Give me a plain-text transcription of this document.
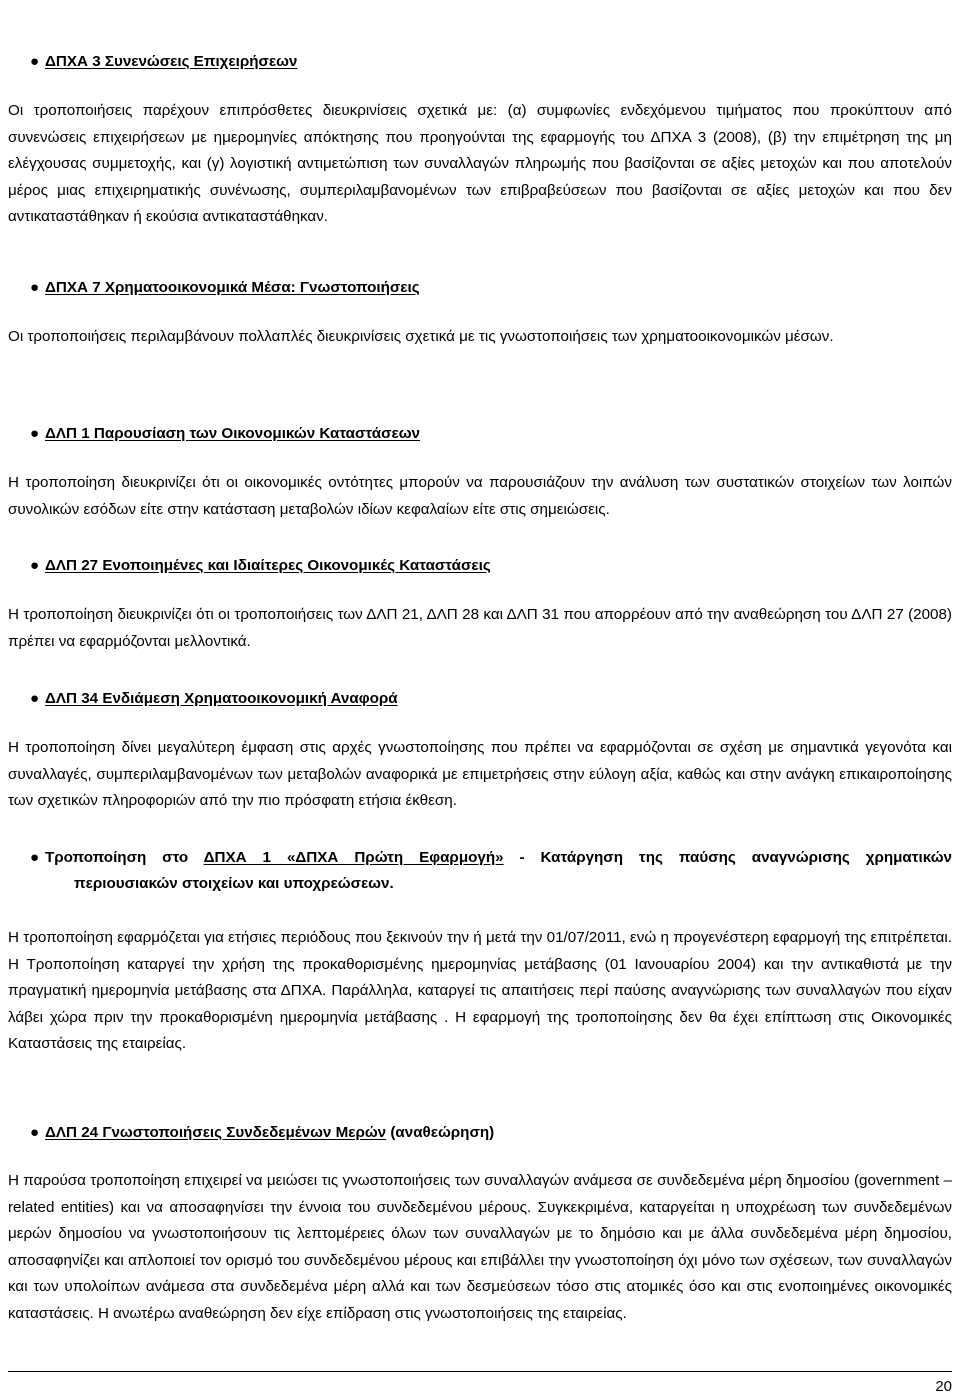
● ΔΠΧΑ 3 Συνενώσεις Επιχειρήσεων
Οι τροποποιήσεις παρέχουν επιπρόσθετες διευκρινίσεις σχετικά με: (α) συμφωνίες ενδεχόμενου τιμήματος που προκύπτουν από συνενώσεις επιχειρήσεων με ημερομηνίες απόκτησης που προηγούνται της εφαρμογής του ΔΠΧΑ 3 (2008), (β) την επιμέτρηση της μη ελέγχουσας συμμετοχής, και (γ) λογιστική αντιμετώπιση των συναλλαγών πληρωμής που βασίζονται σε αξίες μετοχών και που αποτελούν μέρος μιας επιχειρηματικής συνένωσης, συμπεριλαμβανομένων των επιβραβεύσεων που βασίζονται σε αξίες μετοχών και που δεν αντικαταστάθηκαν ή εκούσια αντικαταστάθηκαν.
● ΔΠΧΑ 7 Χρηματοοικονομικά Μέσα: Γνωστοποιήσεις
Οι τροποποιήσεις περιλαμβάνουν πολλαπλές διευκρινίσεις σχετικά με τις γνωστοποιήσεις των χρηματοοικονομικών μέσων.
● ΔΛΠ 1 Παρουσίαση των Οικονομικών Καταστάσεων
Η τροποποίηση διευκρινίζει ότι οι οικονομικές οντότητες μπορούν να παρουσιάζουν την ανάλυση των συστατικών στοιχείων των λοιπών συνολικών εσόδων είτε στην κατάσταση μεταβολών ιδίων κεφαλαίων είτε στις σημειώσεις.
● ΔΛΠ 27 Ενοποιημένες και Ιδιαίτερες Οικονομικές Καταστάσεις
Η τροποποίηση διευκρινίζει ότι οι τροποποιήσεις των ΔΛΠ 21, ΔΛΠ 28 και ΔΛΠ 31 που απορρέουν από την αναθεώρηση του ΔΛΠ 27 (2008) πρέπει να εφαρμόζονται μελλοντικά.
● ΔΛΠ 34 Ενδιάμεση Χρηματοοικονομική Αναφορά
Η τροποποίηση δίνει μεγαλύτερη έμφαση στις αρχές γνωστοποίησης που πρέπει να εφαρμόζονται σε σχέση με σημαντικά γεγονότα και συναλλαγές, συμπεριλαμβανομένων των μεταβολών αναφορικά με επιμετρήσεις στην εύλογη αξία, καθώς και στην ανάγκη επικαιροποίησης των σχετικών πληροφοριών από την πιο πρόσφατη ετήσια έκθεση.
● Τροποποίηση στο ΔΠΧΑ 1 «ΔΠΧΑ Πρώτη Εφαρμογή» - Κατάργηση της παύσης αναγνώρισης χρηματικών
περιουσιακών στοιχείων και υποχρεώσεων.
Η τροποποίηση εφαρμόζεται για ετήσιες περιόδους που ξεκινούν την ή μετά την 01/07/2011, ενώ η προγενέστερη εφαρμογή της επιτρέπεται. Η Τροποποίηση καταργεί την χρήση της προκαθορισμένης ημερομηνίας μετάβασης (01 Ιανουαρίου 2004) και την αντικαθιστά με την πραγματική ημερομηνία μετάβασης στα ΔΠΧΑ. Παράλληλα, καταργεί τις απαιτήσεις περί παύσης αναγνώρισης των συναλλαγών που είχαν λάβει χώρα πριν την προκαθορισμένη ημερομηνία μετάβασης . Η εφαρμογή της τροποποίησης δεν θα έχει επίπτωση στις Οικονομικές Καταστάσεις της εταιρείας.
● ΔΛΠ 24 Γνωστοποιήσεις Συνδεδεμένων Μερών (αναθεώρηση)
Η παρούσα τροποποίηση επιχειρεί να μειώσει τις γνωστοποιήσεις των συναλλαγών ανάμεσα σε συνδεδεμένα μέρη δημοσίου (government – related entities) και να αποσαφηνίσει την έννοια του συνδεδεμένου μέρους. Συγκεκριμένα, καταργείται η υποχρέωση των συνδεδεμένων μερών δημοσίου να γνωστοποιήσουν τις λεπτομέρειες όλων των συναλλαγών με το δημόσιο και με άλλα συνδεδεμένα μέρη δημοσίου, αποσαφηνίζει και απλοποιεί τον ορισμό του συνδεδεμένου μέρους και επιβάλλει την γνωστοποίηση όχι μόνο των σχέσεων, των συναλλαγών και των υπολοίπων ανάμεσα στα συνδεδεμένα μέρη αλλά και των δεσμεύσεων τόσο στις ατομικές όσο και στις ενοποιημένες οικονομικές καταστάσεις. Η ανωτέρω αναθεώρηση δεν είχε επίδραση στις γνωστοποιήσεις της εταιρείας.
20
